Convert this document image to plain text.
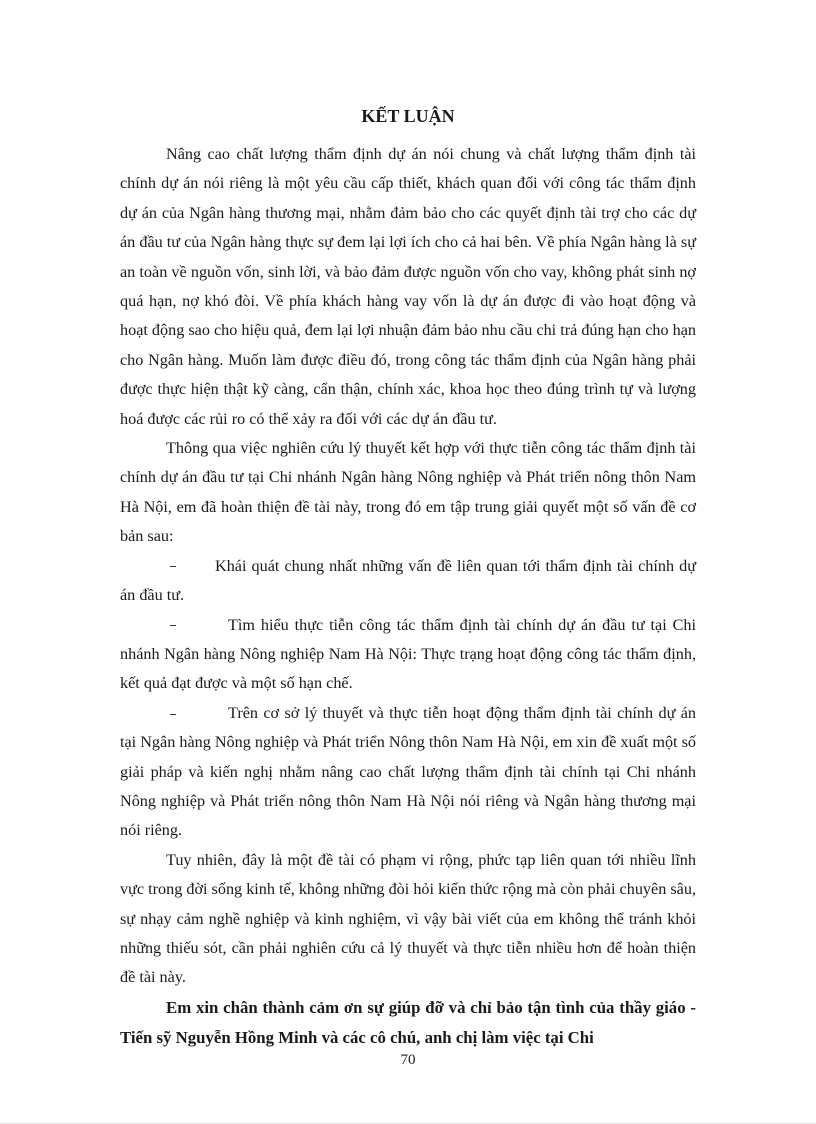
KẾT LUẬN

Nâng cao chất lượng thẩm định dự án nói chung và chất lượng thẩm định tài chính dự án nói riêng là một yêu cầu cấp thiết, khách quan đối với công tác thẩm định dự án của Ngân hàng thương mại, nhằm đảm bảo cho các quyết định tài trợ cho các dự án đầu tư của Ngân hàng thực sự đem lại lợi ích cho cả hai bên. Về phía Ngân hàng là sự an toàn về nguồn vốn, sinh lời, và bảo đảm được nguồn vốn cho vay, không phát sinh nợ quá hạn, nợ khó đòi. Về phía khách hàng vay vốn là dự án được đi vào hoạt động và hoạt động sao cho hiệu quả, đem lại lợi nhuận đảm bảo nhu cầu chi trả đúng hạn cho hạn cho Ngân hàng. Muốn làm được điều đó, trong công tác thẩm định của Ngân hàng phải được thực hiện thật kỹ càng, cẩn thận, chính xác, khoa học theo đúng trình tự và lượng hoá được các rủi ro có thể xảy ra đối với các dự án đầu tư.

Thông qua việc nghiên cứu lý thuyết kết hợp với thực tiễn công tác thẩm định tài chính dự án đầu tư tại Chi nhánh Ngân hàng Nông nghiệp và Phát triển nông thôn Nam Hà Nội, em đã hoàn thiện đề tài này, trong đó em tập trung giải quyết một số vấn đề cơ bản sau:

Khái quát chung nhất những vấn đề liên quan tới thẩm định tài chính dự án đầu tư.

Tìm hiểu thực tiễn công tác thẩm định tài chính dự án đầu tư tại Chi nhánh Ngân hàng Nông nghiệp Nam Hà Nội: Thực trạng hoạt động công tác thẩm định, kết quả đạt được và một số hạn chế.

Trên cơ sở lý thuyết và thực tiễn hoạt động thẩm định tài chính dự án tại Ngân hàng Nông nghiệp và Phát triển Nông thôn Nam Hà Nội, em xin đề xuất một số giải pháp và kiến nghị nhằm nâng cao chất lượng thẩm định tài chính tại Chi nhánh Nông nghiệp và Phát triển nông thôn Nam Hà Nội nói riêng và Ngân hàng thương mại nói riêng.

Tuy nhiên, đây là một đề tài có phạm vi rộng, phức tạp liên quan tới nhiều lĩnh vực trong đời sống kinh tế, không những đòi hỏi kiến thức rộng mà còn phải chuyên sâu, sự nhạy cảm nghề nghiệp và kinh nghiệm, vì vậy bài viết của em không thể tránh khỏi những thiếu sót, cần phải nghiên cứu cả lý thuyết và thực tiễn nhiều hơn để hoàn thiện đề tài này.

Em xin chân thành cảm ơn sự giúp đỡ và chỉ bảo tận tình của thầy giáo - Tiến sỹ Nguyễn Hồng Minh và các cô chú, anh chị làm việc tại Chi

70
